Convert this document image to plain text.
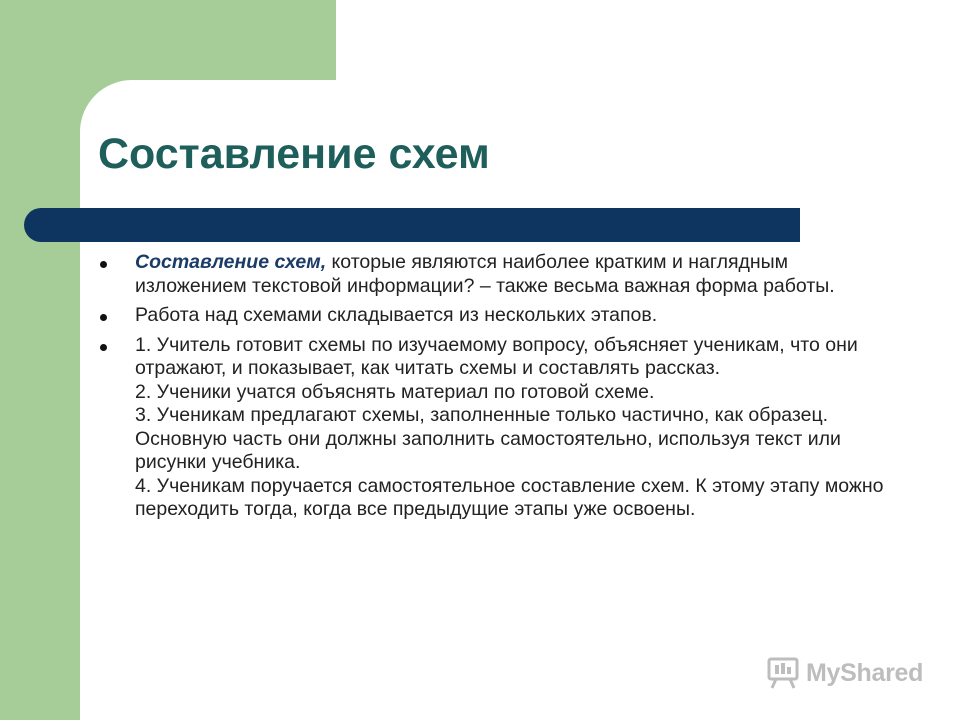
Составление схем
Составление схем, которые являются наиболее кратким и наглядным изложением текстовой информации? – также весьма важная форма работы.
Работа над схемами складывается из нескольких этапов.
1. Учитель готовит схемы по изучаемому вопросу, объясняет ученикам, что они отражают, и показывает, как читать схемы и составлять рассказ.
2. Ученики учатся объяснять материал по готовой схеме.
3. Ученикам предлагают схемы, заполненные только частично, как образец. Основную часть они должны заполнить самостоятельно, используя текст или рисунки учебника.
4. Ученикам поручается самостоятельное составление схем. К этому этапу можно переходить тогда, когда все предыдущие этапы уже освоены.
MyShared
